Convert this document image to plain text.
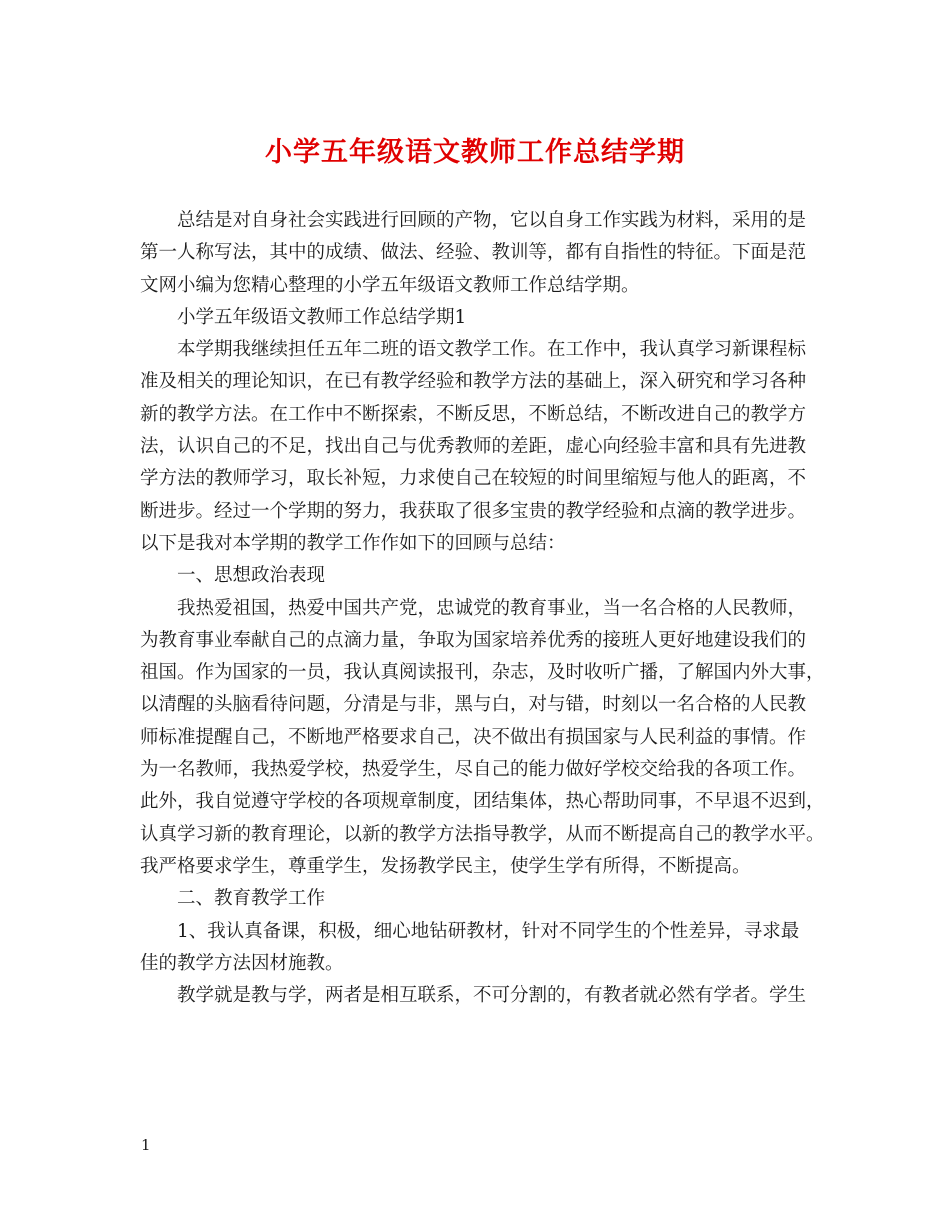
小学五年级语文教师工作总结学期
总结是对自身社会实践进行回顾的产物，它以自身工作实践为材料，采用的是
第一人称写法，其中的成绩、做法、经验、教训等，都有自指性的特征。下面是范
文网小编为您精心整理的小学五年级语文教师工作总结学期。
小学五年级语文教师工作总结学期1
本学期我继续担任五年二班的语文教学工作。在工作中，我认真学习新课程标
准及相关的理论知识，在已有教学经验和教学方法的基础上，深入研究和学习各种
新的教学方法。在工作中不断探索，不断反思，不断总结，不断改进自己的教学方
法，认识自己的不足，找出自己与优秀教师的差距，虚心向经验丰富和具有先进教
学方法的教师学习，取长补短，力求使自己在较短的时间里缩短与他人的距离，不
断进步。经过一个学期的努力，我获取了很多宝贵的教学经验和点滴的教学进步。
以下是我对本学期的教学工作作如下的回顾与总结：
一、思想政治表现
我热爱祖国，热爱中国共产党，忠诚党的教育事业，当一名合格的人民教师，
为教育事业奉献自己的点滴力量，争取为国家培养优秀的接班人更好地建设我们的
祖国。作为国家的一员，我认真阅读报刊，杂志，及时收听广播，了解国内外大事，
以清醒的头脑看待问题，分清是与非，黑与白，对与错，时刻以一名合格的人民教
师标准提醒自己，不断地严格要求自己，决不做出有损国家与人民利益的事情。作
为一名教师，我热爱学校，热爱学生，尽自己的能力做好学校交给我的各项工作。
此外，我自觉遵守学校的各项规章制度，团结集体，热心帮助同事，不早退不迟到，
认真学习新的教育理论，以新的教学方法指导教学，从而不断提高自己的教学水平。
我严格要求学生，尊重学生，发扬教学民主，使学生学有所得，不断提高。
二、教育教学工作
1、我认真备课，积极，细心地钻研教材，针对不同学生的个性差异，寻求最
佳的教学方法因材施教。
教学就是教与学，两者是相互联系，不可分割的，有教者就必然有学者。学生
1
